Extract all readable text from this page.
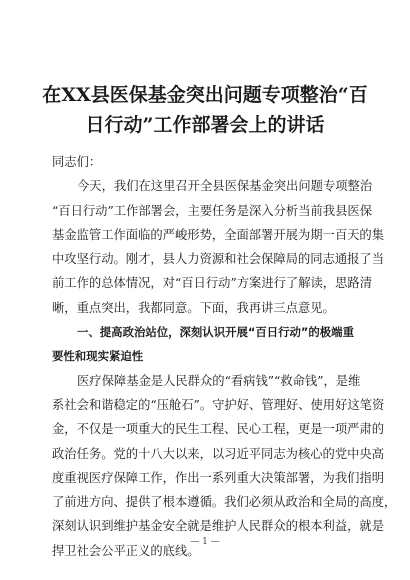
在XX县医保基金突出问题专项整治“百
日行动”工作部署会上的讲话
同志们：
今天，我们在这里召开全县医保基金突出问题专项整治
“百日行动”工作部署会，主要任务是深入分析当前我县医保
基金监管工作面临的严峻形势，全面部署开展为期一百天的集
中攻坚行动。刚才，县人力资源和社会保障局的同志通报了当
前工作的总体情况，对“百日行动”方案进行了解读，思路清
晰，重点突出，我都同意。下面，我再讲三点意见。
一、提高政治站位，深刻认识开展“百日行动”的极端重
要性和现实紧迫性
医疗保障基金是人民群众的“看病钱”“救命钱”，是维
系社会和谐稳定的“压舱石”。守护好、管理好、使用好这笔资
金，不仅是一项重大的民生工程、民心工程，更是一项严肃的
政治任务。党的十八大以来，以习近平同志为核心的党中央高
度重视医疗保障工作，作出一系列重大决策部署，为我们指明
了前进方向、提供了根本遵循。我们必须从政治和全局的高度，
深刻认识到维护基金安全就是维护人民群众的根本利益，就是
捍卫社会公平正义的底线。
— 1 —
